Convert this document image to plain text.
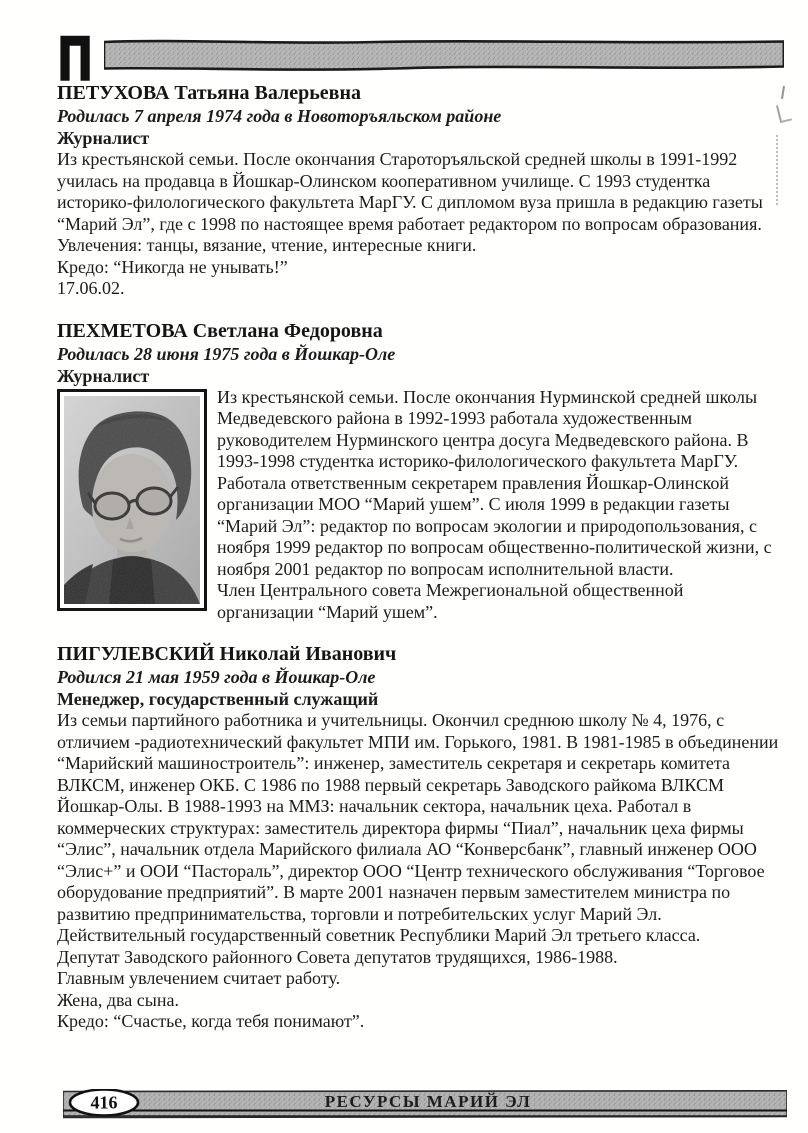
П
ПЕТУХОВА Татьяна Валерьевна

Родилась 7 апреля 1974 года в Новоторъяльском районе

Журналист

Из крестьянской семьи. После окончания Староторъяльской средней школы в 1991-1992 училась на продавца в Йошкар-Олинском кооперативном училище. С 1993 студентка историко-филологического факультета МарГУ. С дипломом вуза пришла в редакцию газеты “Марий Эл”, где с 1998 по настоящее время работает редактором по вопросам образования.

Увлечения: танцы, вязание, чтение, интересные книги.

Кредо: “Никогда не унывать!”

17.06.02.

ПЕХМЕТОВА Светлана Федоровна

Родилась 28 июня 1975 года в Йошкар-Оле

Журналист

Из крестьянской семьи. После окончания Нурминской средней школы Медведевского района в 1992-1993 работала художественным руководителем Нурминского центра досуга Медведевского района. В 1993-1998 студентка историко-филологического факультета МарГУ. Работала ответственным секретарем правления Йошкар-Олинской организации МОО “Марий ушем”. С июля 1999 в редакции газеты “Марий Эл”: редактор по вопросам экологии и природопользования, с ноября 1999 редактор по вопросам общественно-политической жизни, с ноября 2001 редактор по вопросам исполнительной власти.

Член Центрального совета Межрегиональной общественной организации “Марий ушем”.

ПИГУЛЕВСКИЙ Николай Иванович

Родился 21 мая 1959 года в Йошкар-Оле

Менеджер, государственный служащий

Из семьи партийного работника и учительницы. Окончил среднюю школу № 4, 1976, с отличием -радиотехнический факультет МПИ им. Горького, 1981. В 1981-1985 в объединении “Марийский машиностроитель”: инженер, заместитель секретаря и секретарь комитета ВЛКСМ, инженер ОКБ. С 1986 по 1988 первый секретарь Заводского райкома ВЛКСМ Йошкар-Олы. В 1988-1993 на ММЗ: начальник сектора, начальник цеха. Работал в коммерческих структурах: заместитель директора фирмы “Пиал”, начальник цеха фирмы “Элис”, начальник отдела Марийского филиала АО “Конверсбанк”, главный инженер ООО “Элис+” и ООИ “Пастораль”, директор ООО “Центр технического обслуживания “Торговое оборудование предприятий”. В марте 2001 назначен первым заместителем министра по развитию предпринимательства, торговли и потребительских услуг Марий Эл.

Действительный государственный советник Республики Марий Эл третьего класса.

Депутат Заводского районного Совета депутатов трудящихся, 1986-1988.

Главным увлечением считает работу.

Жена, два сына.

Кредо: “Счастье, когда тебя понимают”.

416	РЕСУРСЫ МАРИЙ ЭЛ
